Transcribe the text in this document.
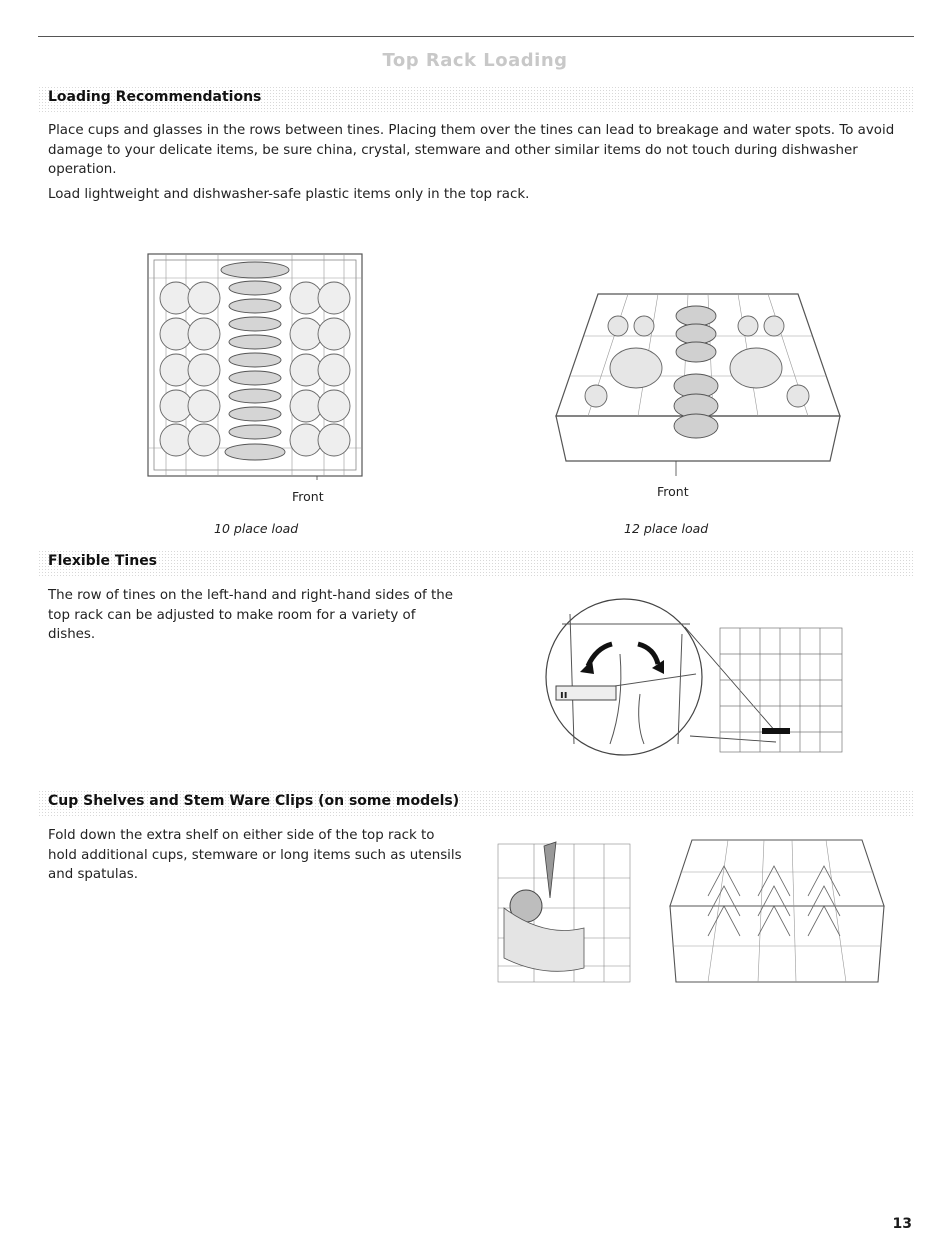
Top Rack Loading
Loading Recommendations

Place cups and glasses in the rows between tines. Placing them over the tines can lead to breakage and water spots. To avoid damage to your delicate items, be sure china, crystal, stemware and other similar items do not touch during dishwasher operation.

Load lightweight and dishwasher-safe plastic items only in the top rack.

Front
10 place load
Front
12 place load
Flexible Tines

The row of tines on the left-hand and right-hand sides of the top rack can be adjusted to make room for a variety of dishes.

ıı
Cup Shelves and Stem Ware Clips (on some models)

Fold down the extra shelf on either side of the top rack to hold additional cups, stemware or long items such as utensils and spatulas.

13
